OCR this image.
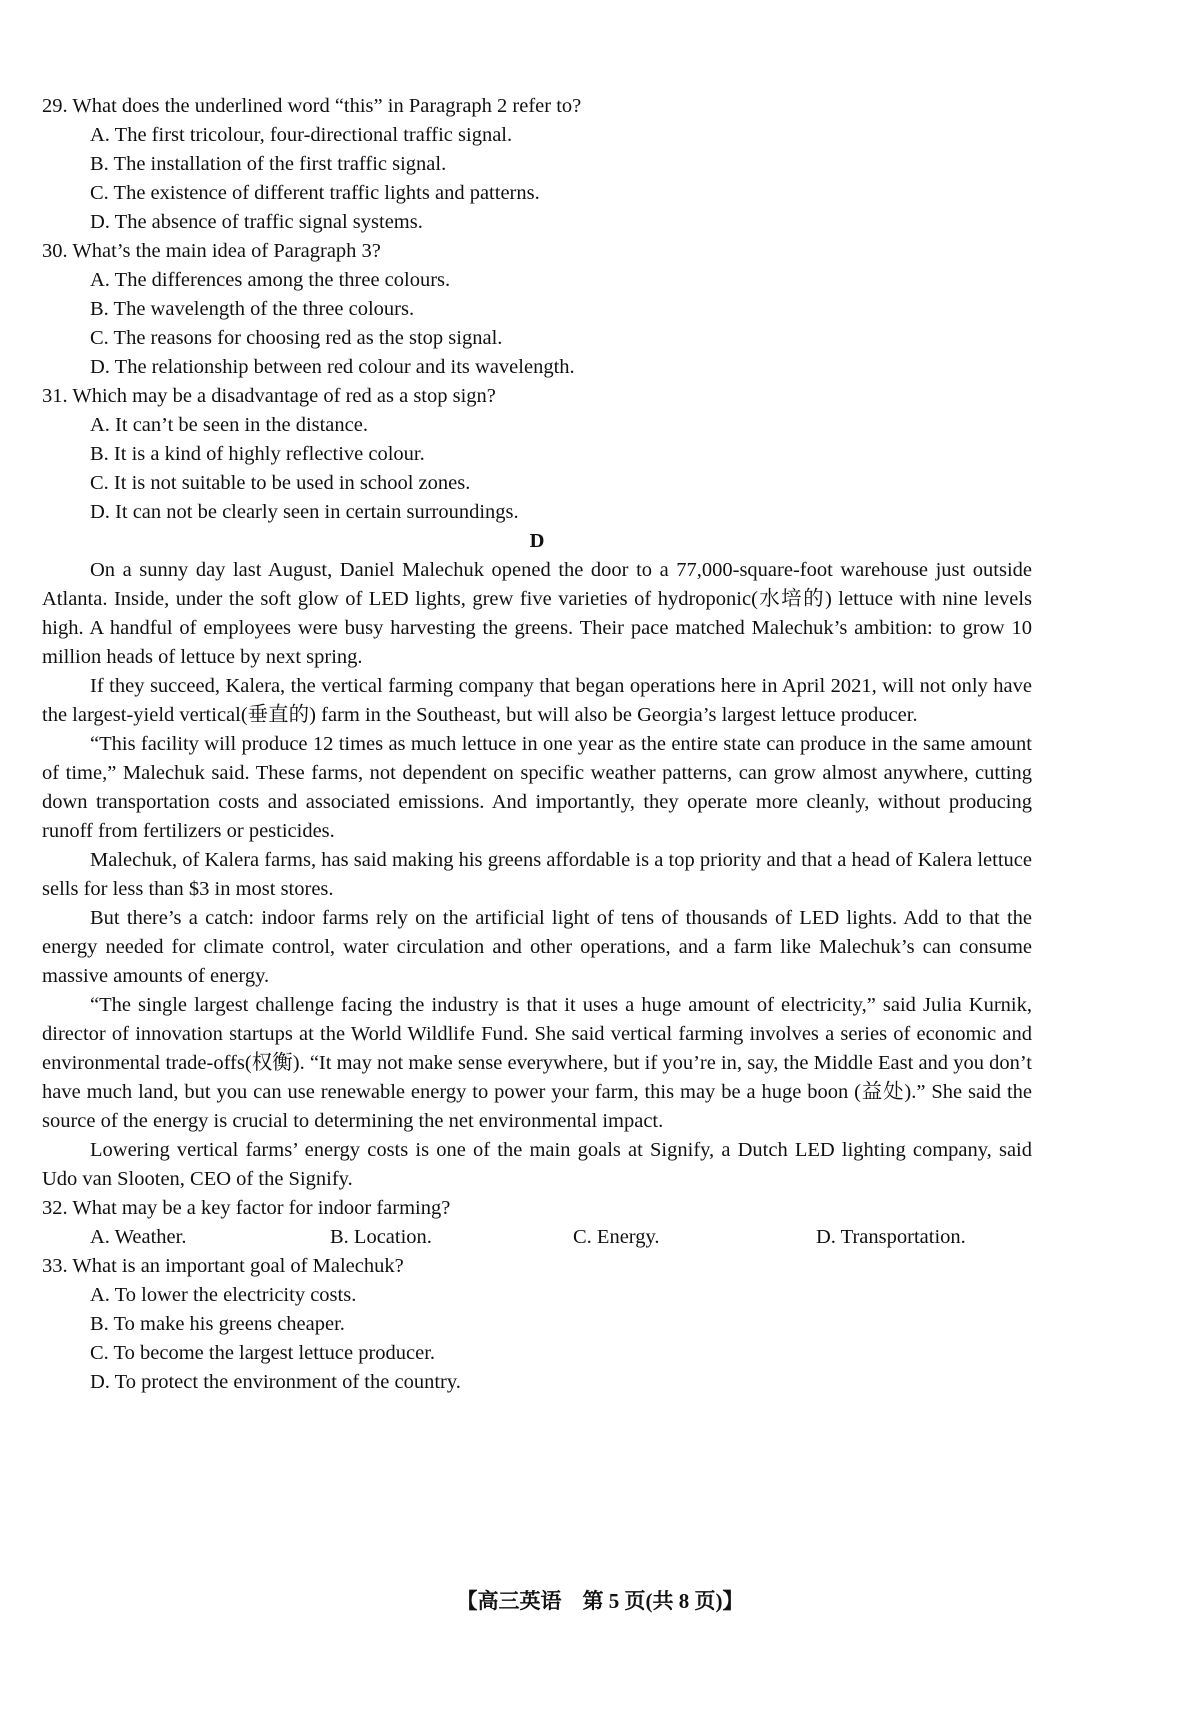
29. What does the underlined word “this” in Paragraph 2 refer to?

A. The first tricolour, four-directional traffic signal.

B. The installation of the first traffic signal.

C. The existence of different traffic lights and patterns.

D. The absence of traffic signal systems.

30. What’s the main idea of Paragraph 3?

A. The differences among the three colours.

B. The wavelength of the three colours.

C. The reasons for choosing red as the stop signal.

D. The relationship between red colour and its wavelength.

31. Which may be a disadvantage of red as a stop sign?

A. It can’t be seen in the distance.

B. It is a kind of highly reflective colour.

C. It is not suitable to be used in school zones.

D. It can not be clearly seen in certain surroundings.

D

On a sunny day last August, Daniel Malechuk opened the door to a 77,000-square-foot warehouse just outside Atlanta. Inside, under the soft glow of LED lights, grew five varieties of hydroponic(水培的) lettuce with nine levels high. A handful of employees were busy harvesting the greens. Their pace matched Malechuk’s ambition: to grow 10 million heads of lettuce by next spring.

If they succeed, Kalera, the vertical farming company that began operations here in April 2021, will not only have the largest-yield vertical(垂直的) farm in the Southeast, but will also be Georgia’s largest lettuce producer.

“This facility will produce 12 times as much lettuce in one year as the entire state can produce in the same amount of time,” Malechuk said. These farms, not dependent on specific weather patterns, can grow almost anywhere, cutting down transportation costs and associated emissions. And importantly, they operate more cleanly, without producing runoff from fertilizers or pesticides.

Malechuk, of Kalera farms, has said making his greens affordable is a top priority and that a head of Kalera lettuce sells for less than $3 in most stores.

But there’s a catch: indoor farms rely on the artificial light of tens of thousands of LED lights. Add to that the energy needed for climate control, water circulation and other operations, and a farm like Malechuk’s can consume massive amounts of energy.

“The single largest challenge facing the industry is that it uses a huge amount of electricity,” said Julia Kurnik, director of innovation startups at the World Wildlife Fund. She said vertical farming involves a series of economic and environmental trade-offs(权衡). “It may not make sense everywhere, but if you’re in, say, the Middle East and you don’t have much land, but you can use renewable energy to power your farm, this may be a huge boon (益处).” She said the source of the energy is crucial to determining the net environmental impact.

Lowering vertical farms’ energy costs is one of the main goals at Signify, a Dutch LED lighting company, said Udo van Slooten, CEO of the Signify.

32. What may be a key factor for indoor farming?

A. Weather.	B. Location.	C. Energy.	D. Transportation.

33. What is an important goal of Malechuk?

A. To lower the electricity costs.

B. To make his greens cheaper.

C. To become the largest lettuce producer.

D. To protect the environment of the country.

【高三英语　第 5 页(共 8 页)】
